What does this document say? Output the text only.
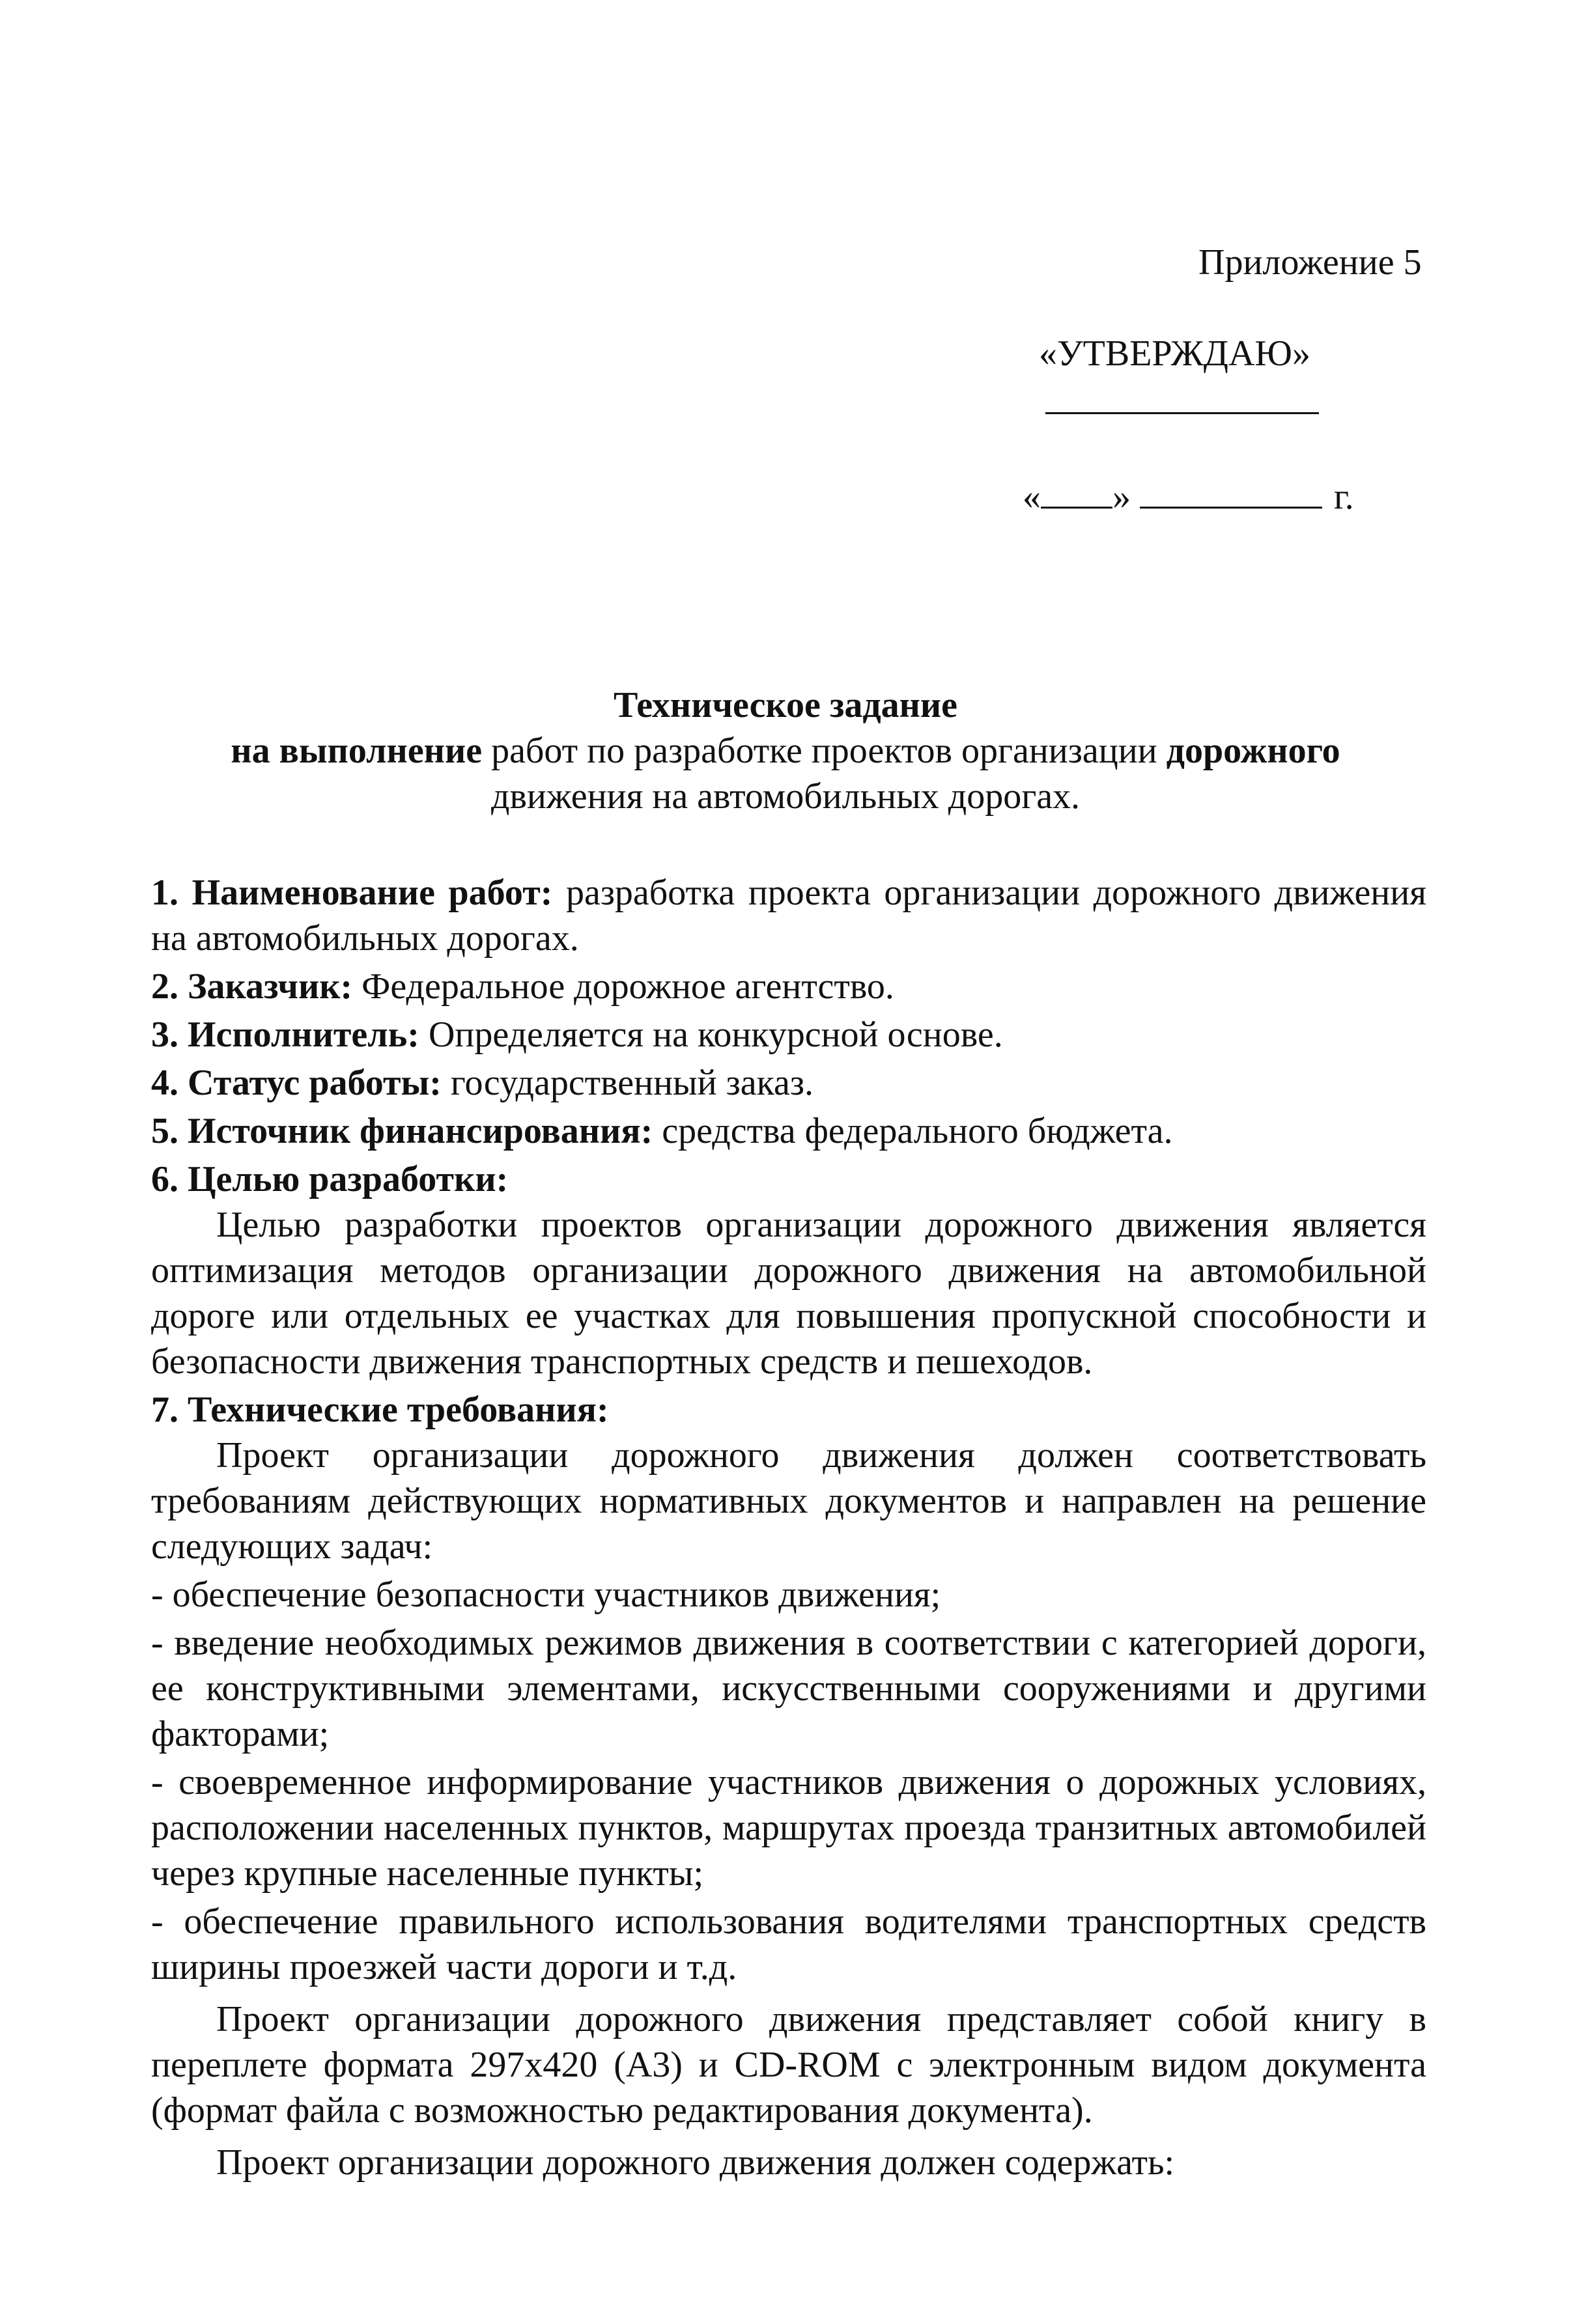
Приложение 5
«УТВЕРЖДАЮ»
« »	г.

Техническое задание

на выполнение работ по разработке проектов организации дорожного

движения на автомобильных дорогах.

1. Наименование работ: разработка проекта организации дорожного движения на автомобильных дорогах.

2. Заказчик: Федеральное дорожное агентство.

3. Исполнитель: Определяется на конкурсной основе.

4. Статус работы: государственный заказ.

5. Источник финансирования: средства федерального бюджета.

6. Целью разработки:

Целью разработки проектов организации дорожного движения является оптимизация методов организации дорожного движения на автомобильной дороге или отдельных ее участках для повышения пропускной способности и безопасности движения транспортных средств и пешеходов.

7. Технические требования:

Проект организации дорожного движения должен соответствовать требованиям действующих нормативных документов и направлен на решение следующих задач:

- обеспечение безопасности участников движения;

- введение необходимых режимов движения в соответствии с категорией дороги, ее конструктивными элементами, искусственными сооружениями и другими факторами;

- своевременное информирование участников движения о дорожных условиях, расположении населенных пунктов, маршрутах проезда транзитных автомобилей через крупные населенные пункты;

- обеспечение правильного использования водителями транспортных средств ширины проезжей части дороги и т.д.

Проект организации дорожного движения представляет собой книгу в переплете формата 297х420 (А3) и CD-ROM с электронным видом документа (формат файла с возможностью редактирования документа).

Проект организации дорожного движения должен содержать:
